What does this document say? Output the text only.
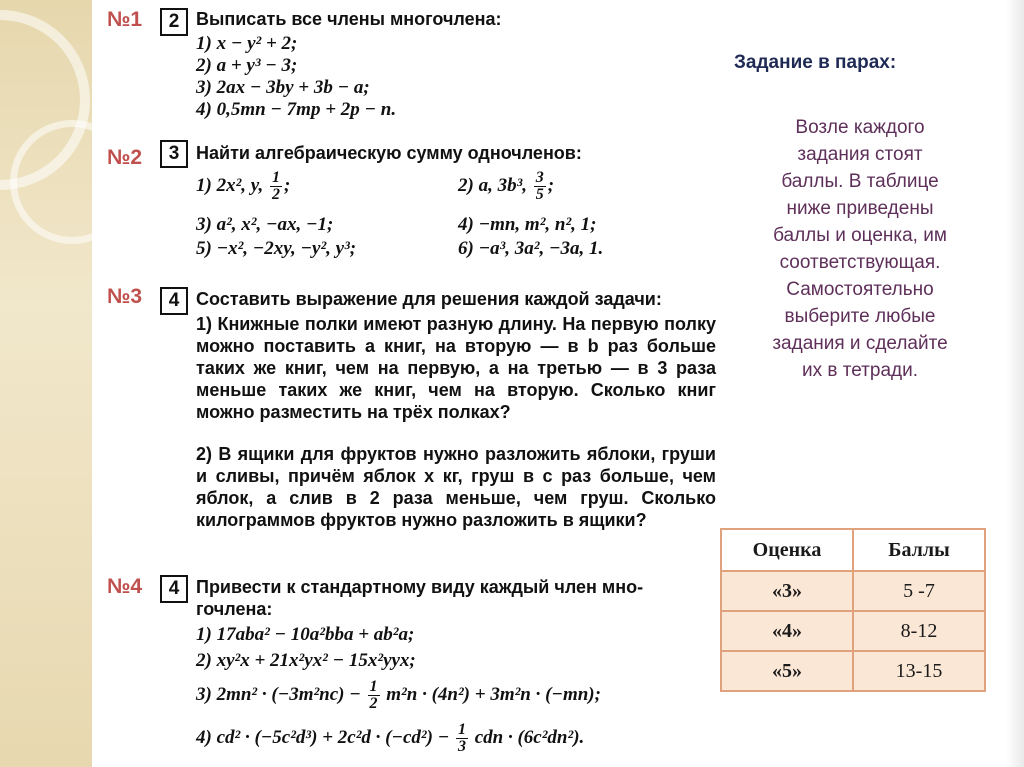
№1	2 Выписать все члены многочлена:
1) x − y² + 2;
2) a + y³ − 3;
3) 2ax − 3by + 3b − a;
4) 0,5mn − 7mp + 2p − n.
№2	3 Найти алгебраическую сумму одночленов:
1) 2x², y, $\frac{1}{2}$ ;	2) a, 3b³, $\frac{3}{5}$ ;
3) a², x², −ax, −1;	4) −mn, m², n², 1;
5) −x², −2xy, −y², y³;	6) −a³, 3a², −3a, 1.
№3	4 Составить выражение для решения каждой задачи:
1) Книжные полки имеют разную длину. На первую полку можно поставить a книг, на вторую — в b раз больше таких же книг, чем на первую, а на третью — в 3 раза меньше таких же книг, чем на вторую. Сколько книг можно разместить на трёх полках?
2) В ящики для фруктов нужно разложить яблоки, груши и сливы, причём яблок x кг, груш в c раз больше, чем яблок, а слив в 2 раза меньше, чем груш. Сколько килограммов фруктов нужно разложить в ящики?
№4	4 Привести к стандартному виду каждый член мно-
гочлена:
1) 17aba² − 10a²bba + ab²a;
2) xy²x + 21x²yx² − 15x²yyx;
3) $2mn^2 \cdot (-3m^2nc) - \frac{1}{2} m^2n \cdot (4n^2) + 3m^2n \cdot (-mn)$;
4) $cd^2 \cdot (-5c^2d^3) + 2c^2d \cdot (-cd^2) - \frac{1}{3}$ cdn · (6c²dn²).
Задание в парах:
Возле каждого
задания стоят
баллы. В таблице
ниже приведены
баллы и оценка, им
соответствующая.
Самостоятельно
выберите любые
задания и сделайте
их в тетради.
Оценка	Баллы
«3»	5 -7
«4»	8-12
«5»	13-15
